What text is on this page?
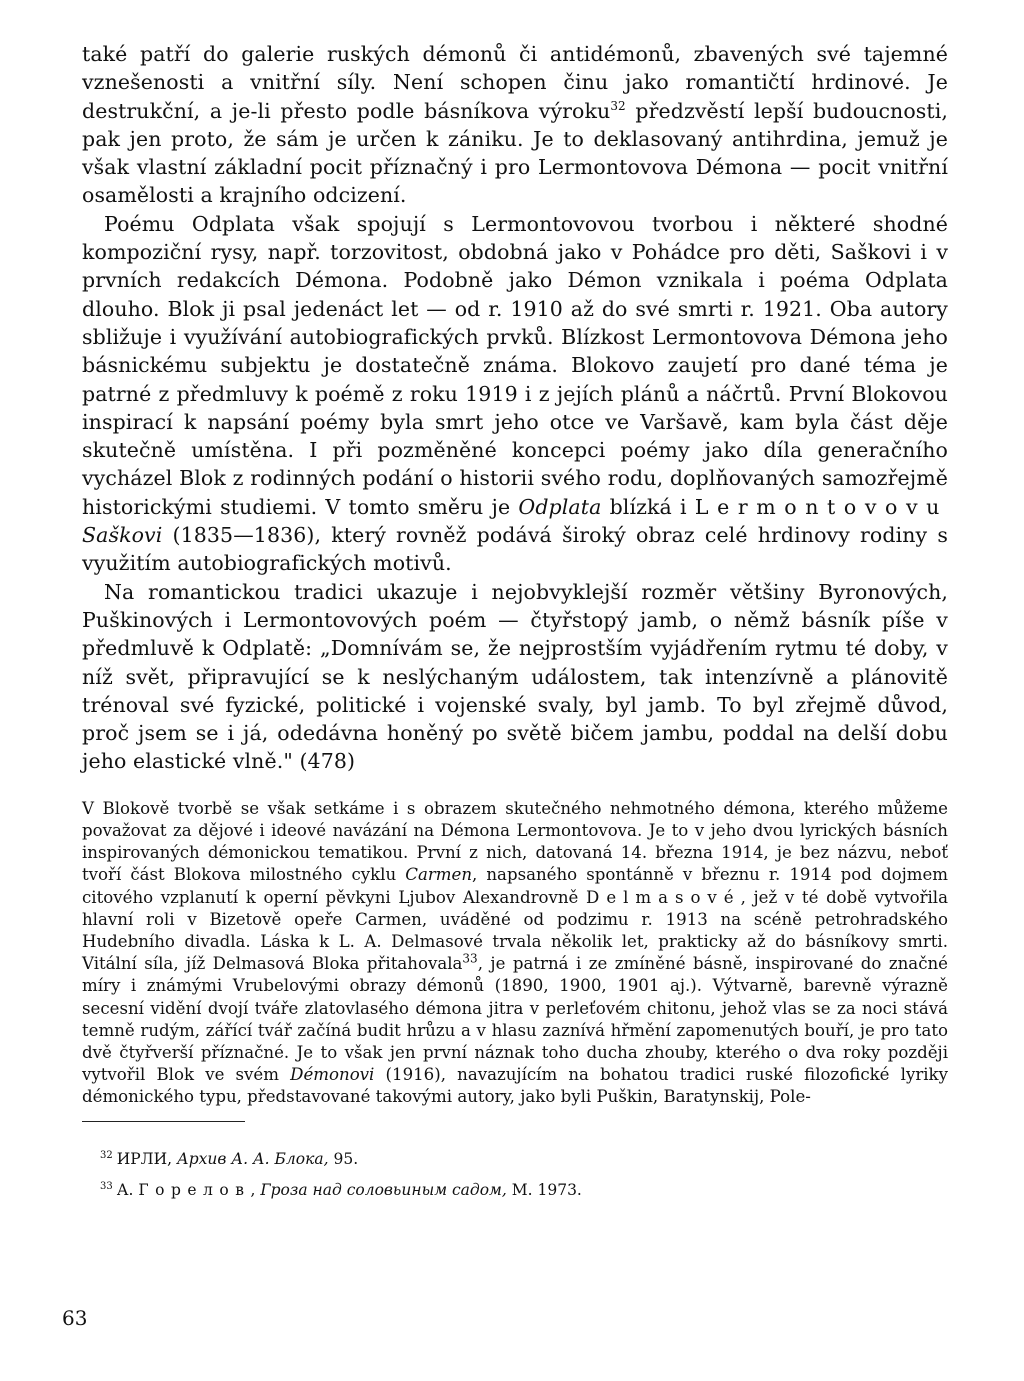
také patří do galerie ruských démonů či antidémonů, zbavených své tajemné vznešenosti a vnitřní síly. Není schopen činu jako romantičtí hrdinové. Je destrukční, a je-li přesto podle básníkova výroku$^{32}$ předzvěstí lepší budoucnosti, pak jen proto, že sám je určen k zániku. Je to deklasovaný antihrdina, jemuž je však vlastní základní pocit příznačný i pro Lermontovova Démona — pocit vnitřní osamělosti a krajního odcizení.

Poému Odplata však spojují s Lermontovovou tvorbou i některé shodné kompoziční rysy, např. torzovitost, obdobná jako v Pohádce pro děti, Saškovi i v prvních redakcích Démona. Podobně jako Démon vznikala i poéma Odplata dlouho. Blok ji psal jedenáct let — od r. 1910 až do své smrti r. 1921. Oba autory sbližuje i využívání autobiografických prvků. Blízkost Lermontovova Démona jeho básnickému subjektu je dostatečně známa. Blokovo zaujetí pro dané téma je patrné z předmluvy k poémě z roku 1919 i z jejích plánů a náčrtů. První Blokovou inspirací k napsání poémy byla smrt jeho otce ve Varšavě, kam byla část děje skutečně umístěna. I při pozměněné koncepci poémy jako díla generačního vycházel Blok z rodinných podání o historii svého rodu, doplňovaných samozřejmě historickými studiemi. V tomto směru je Odplata blízká i Lermontovovu Saškovi (1835—1836), který rovněž podává široký obraz celé hrdinovy rodiny s využitím autobiografických motivů.

Na romantickou tradici ukazuje i nejobvyklejší rozměr většiny Byronových, Puškinových i Lermontovových poém — čtyřstopý jamb, o němž básník píše v předmluvě k Odplatě: „Domnívám se, že nejprostším vyjádřením rytmu té doby, v níž svět, připravující se k neslýchaným událostem, tak intenzívně a plánovitě trénoval své fyzické, politické i vojenské svaly, byl jamb. To byl zřejmě důvod, proč jsem se i já, odedávna honěný po světě bičem jambu, poddal na delší dobu jeho elastické vlně." (478)

V Blokově tvorbě se však setkáme i s obrazem skutečného nehmotného démona, kterého můžeme považovat za dějové i ideové navázání na Démona Lermontovova. Je to v jeho dvou lyrických básních inspirovaných démonickou tematikou. První z nich, datovaná 14. března 1914, je bez názvu, neboť tvoří část Blokova milostného cyklu Carmen, napsaného spontánně v březnu r. 1914 pod dojmem citového vzplanutí k operní pěvkyni Ljubov Alexandrovně Delmasové, jež v té době vytvořila hlavní roli v Bizetově opeře Carmen, uváděné od podzimu r. 1913 na scéně petrohradského Hudebního divadla. Láska k L. A. Delmasové trvala několik let, prakticky až do básníkovy smrti. Vitální síla, jíž Delmasová Bloka přitahovala$^{33}$, je patrná i ze zmíněné básně, inspirované do značné míry i známými Vrubelovými obrazy démonů (1890, 1900, 1901 aj.). Výtvarně, barevně výrazně secesní vidění dvojí tváře zlatovlasého démona jitra v perleťovém chitonu, jehož vlas se za noci stává temně rudým, zářící tvář začíná budit hrůzu a v hlasu zaznívá hřmění zapomenutých bouří, je pro tato dvě čtyřverší příznačné. Je to však jen první náznak toho ducha zhouby, kterého o dva roky později vytvořil Blok ve svém Démonovi (1916), navazujícím na bohatou tradici ruské filozofické lyriky démonického typu, představované takovými autory, jako byli Puškin, Baratynskij, Pole-

$^{32}$ ИРЛИ, Архив А. А. Блока, 95.
$^{33}$ А. Горелов, Гроза над соловьиным садом, М. 1973.
63
